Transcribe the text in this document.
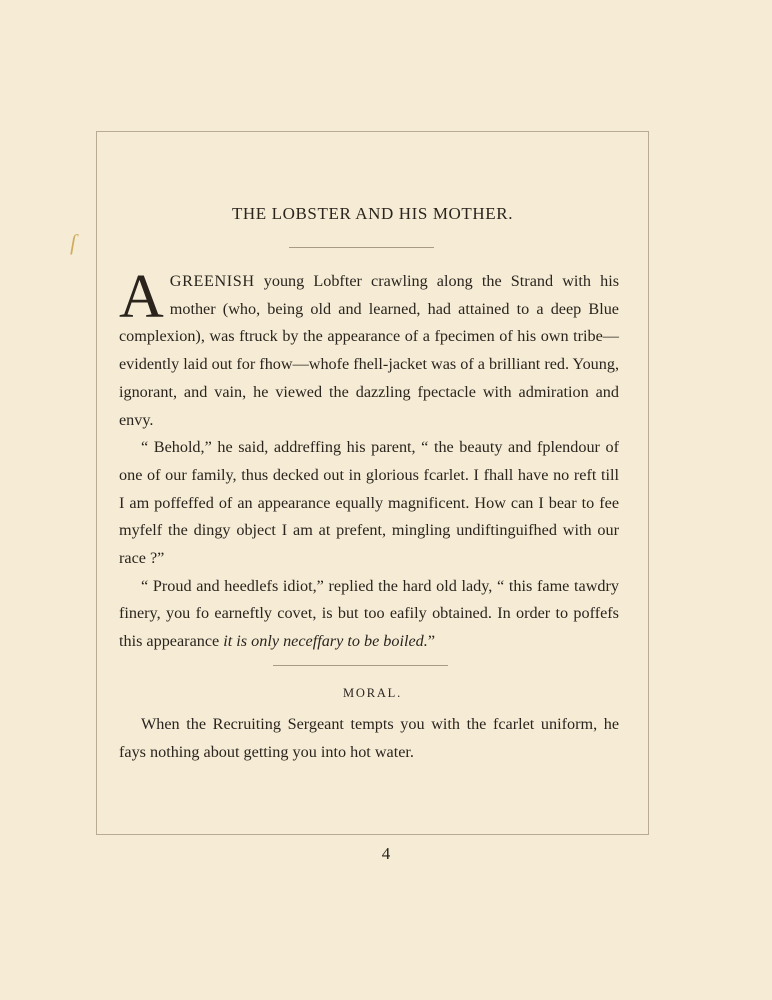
ſ
THE LOBSTER AND HIS MOTHER.

AGREENISH young Lobfter crawling along the Strand with his mother (who, being old and learned, had attained to a deep Blue complexion), was ftruck by the appearance of a fpecimen of his own tribe—evidently laid out for fhow—whofe fhell-jacket was of a brilliant red. Young, ignorant, and vain, he viewed the dazzling fpectacle with admiration and envy.

“ Behold,” he said, addreffing his parent, “ the beauty and fplendour of one of our family, thus decked out in glorious fcarlet. I fhall have no reft till I am poffeffed of an appearance equally magnificent. How can I bear to fee myfelf the dingy object I am at prefent, mingling undiftinguifhed with our race ?”

“ Proud and heedlefs idiot,” replied the hard old lady, “ this fame tawdry finery, you fo earneftly covet, is but too eafily obtained. In order to poffefs this appearance it is only neceffary to be boiled.”

MORAL.

When the Recruiting Sergeant tempts you with the fcarlet uniform, he fays nothing about getting you into hot water.

4
